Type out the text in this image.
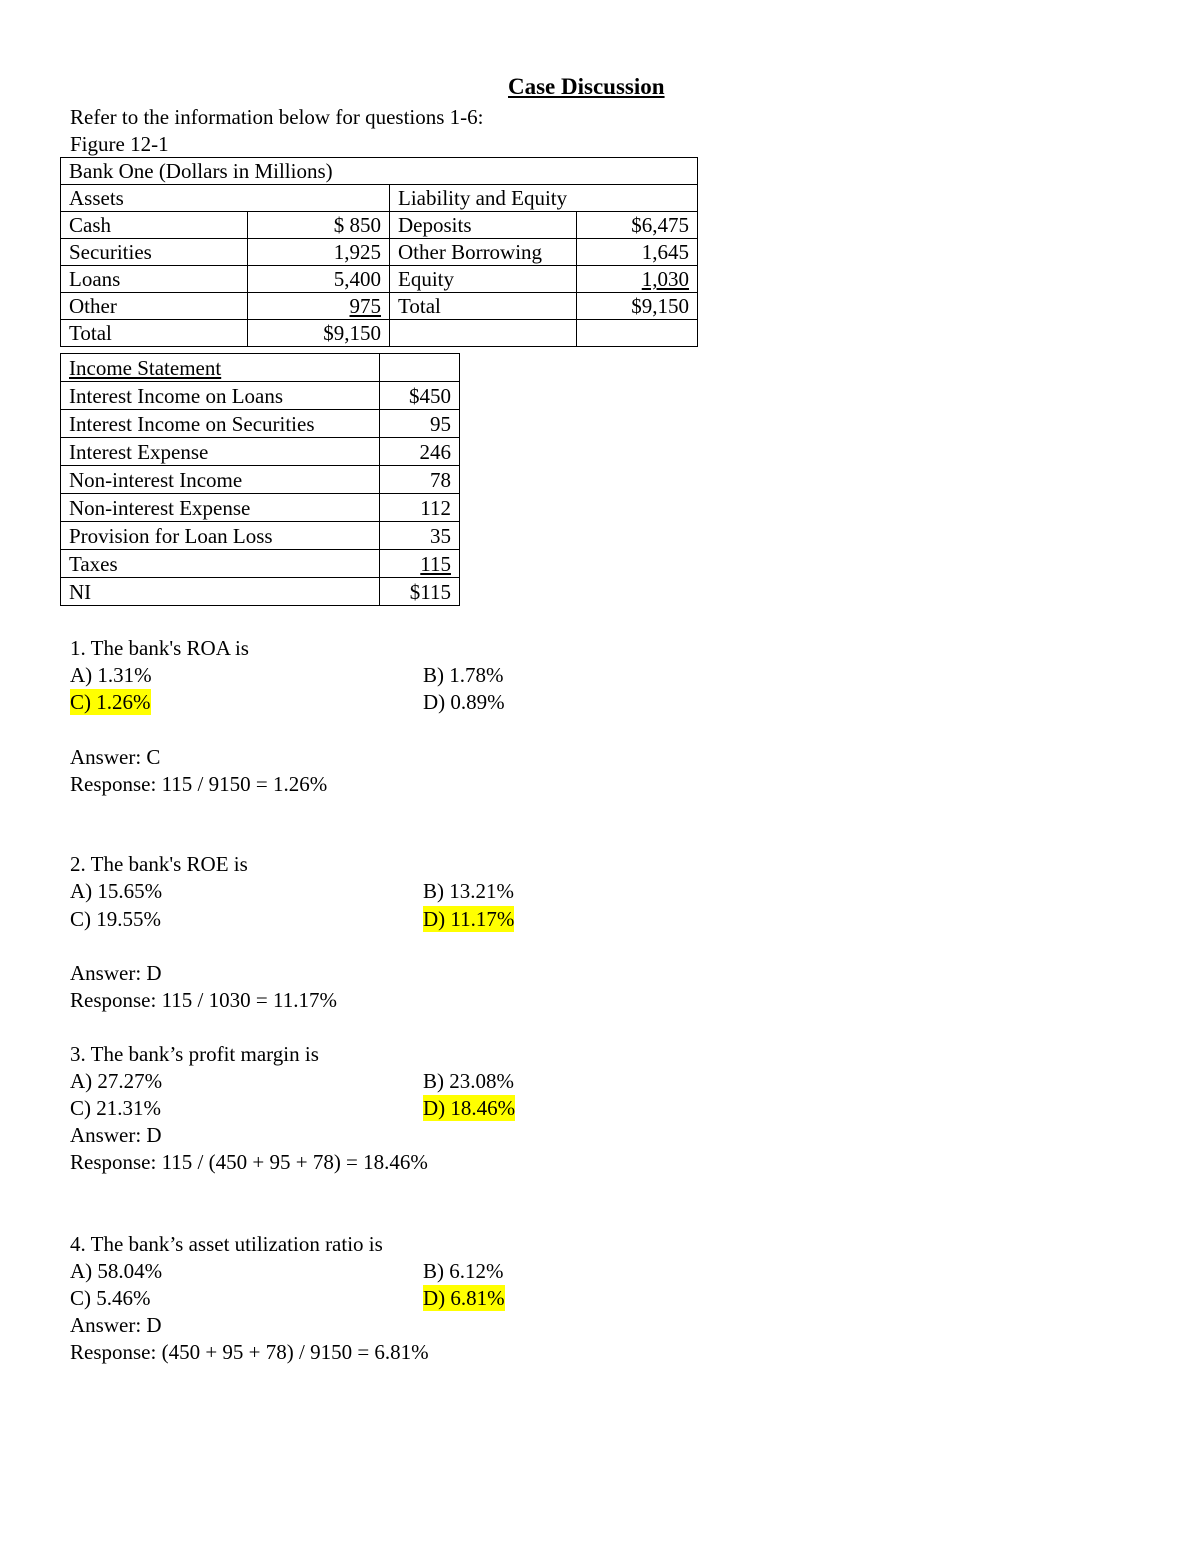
Case Discussion
Refer to the information below for questions 1-6:
Figure 12-1
Bank One (Dollars in Millions)			
Assets		Liability and Equity	
Cash	$ 850	Deposits	$6,475
Securities	1,925	Other Borrowing	1,645
Loans	5,400	Equity	1,030
Other	975	Total	$9,150
Total	$9,150		
Income Statement	
Interest Income on Loans	$450
Interest Income on Securities	95
Interest Expense	246
Non-interest Income	78
Non-interest Expense	112
Provision for Loan Loss	35
Taxes	115
NI	$115
1. The bank's ROA is
A) 1.31%	B) 1.78%
C) 1.26%	D) 0.89%
Answer: C
Response: 115 / 9150 = 1.26%
2. The bank's ROE is
A) 15.65%	B) 13.21%
C) 19.55%	D) 11.17%
Answer: D
Response: 115 / 1030 = 11.17%
3. The bank’s profit margin is
A) 27.27%	B) 23.08%
C) 21.31%	D) 18.46%
Answer: D
Response: 115 / (450 + 95 + 78) = 18.46%
4. The bank’s asset utilization ratio is
A) 58.04%	B) 6.12%
C) 5.46%	D) 6.81%
Answer: D
Response: (450 + 95 + 78) / 9150 = 6.81%
